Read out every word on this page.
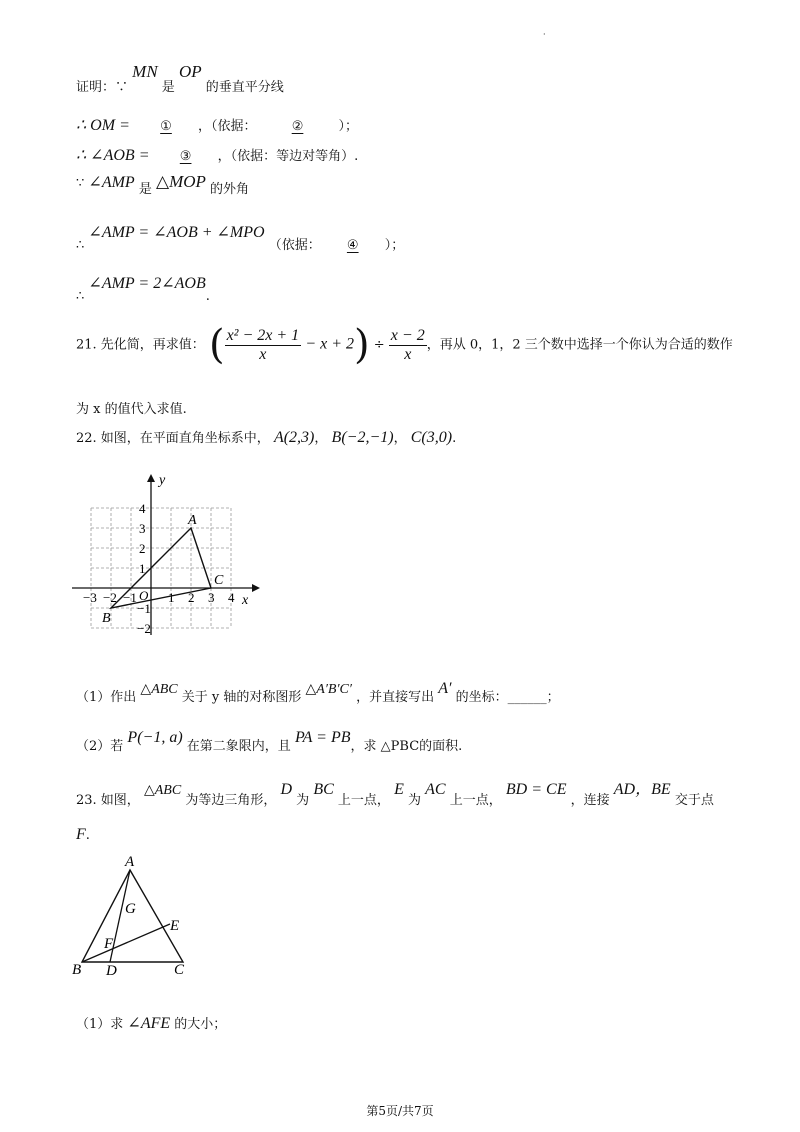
·
证明：∵ MN 是 OP 的垂直平分线
∴ OM = ① ，（依据：	②	）；
∴ ∠AOB = ③ ，（依据：等边对等角）.
∵ ∠AMP 是 △MOP 的外角
∴ ∠AMP = ∠AOB + ∠MPO （依据： ④ ）；
∴ ∠AMP = 2∠AOB.
21. 先化简，再求值： ( $\frac{\text{x² − 2x + 1}}{x} - x + 2) \div \frac{x - 2}{x}$ ，再从 0，1，2 三个数中选择一个你认为合适的数作
为 x 的值代入求值.
22. 如图，在平面直角坐标系中， A(2,3)， B(−2,−1)， C(3,0).
x
y
O
−3 −2 −1 1 2 3 4
4
3
2
1
−1
−2
A
B
C
（1）作出 △ABC 关于 y 轴的对称图形 △A′B′C′ ，并直接写出 A′ 的坐标：______；
（2）若 P(−1, a) 在第二象限内，且 PA = PB，求 △PBC的面积.
23. 如图， △ABC 为等边三角形， D 为 BC 上一点， E 为 AC 上一点， BD = CE ，连接 AD，BE 交于点
F.
A
B	C
D
E
F
G
（1）求 ∠AFE 的大小；
第5页/共7页
